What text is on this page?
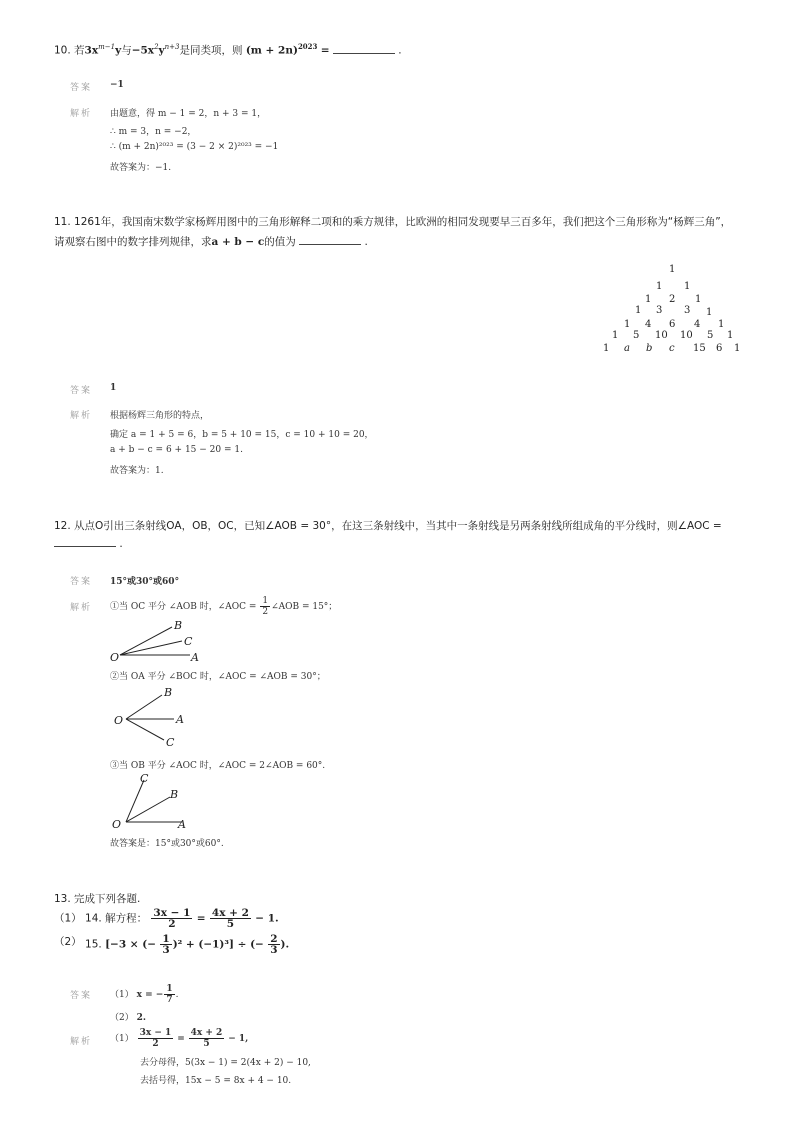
10. 若$3x^{m-1}y$与$-5x^2y^{n+3}$是同类项，则 $(m + 2n)^{2023}$ =	.
答案 −1
解析 由题意，得 m − 1 = 2，n + 3 = 1，
∴ m = 3，n = −2，
∴ (m + 2n)²⁰²³ = (3 − 2 × 2)²⁰²³ = −1
故答案为：−1.
11. 1261年，我国南宋数学家杨辉用图中的三角形解释二项和的乘方规律，比欧洲的相同发现要早三百多年，我们把这个三角形称为“杨辉三角”，
请观察右图中的数字排列规律，求a + b − c的值为	.
1
1 1
1 2 1
1 3 3 1
1 4 6 4 1
1 5 10 10 5 1
1 a b c 15 6 1
答案 1
解析 根据杨辉三角形的特点，
确定 a = 1 + 5 = 6，b = 5 + 10 = 15，c = 10 + 10 = 20，
a + b − c = 6 + 15 − 20 = 1.
故答案为：1.
12. 从点O引出三条射线OA，OB，OC，已知∠AOB = 30°，在这三条射线中，当其中一条射线是另两条射线所组成角的平分线时，则∠AOC =
.
答案 15°或30°或60°
解析 ①当 OC 平分 ∠AOB 时，∠AOC = $\frac{1}{2}$ ∠AOB = 15°；
O	A
C
B
②当 OA 平分 ∠BOC 时，∠AOC = ∠AOB = 30°；
O	A
B
C
③当 OB 平分 ∠AOC 时，∠AOC = 2∠AOB = 60°.
O	A
B
C
故答案是：15°或30°或60°.
13. 完成下列各题.
（1） 14. 解方程： $\frac{3x - 1}{2} = \frac{4x + 2}{5} - 1$.
（2） 15. [−3 × (− $\frac{1}{3} )^2 + (-1)^3$] ÷ (− $\frac{2}{3}$ ).
答案 （1） x = − $\frac{1}{7}$ .
（2） 2.
解析 $(1) \frac{3x - 1}{2} = \frac{4x + 2}{5} - 1$,
去分母得，5(3x − 1) = 2(4x + 2) − 10,
去括号得，15x − 5 = 8x + 4 − 10.
